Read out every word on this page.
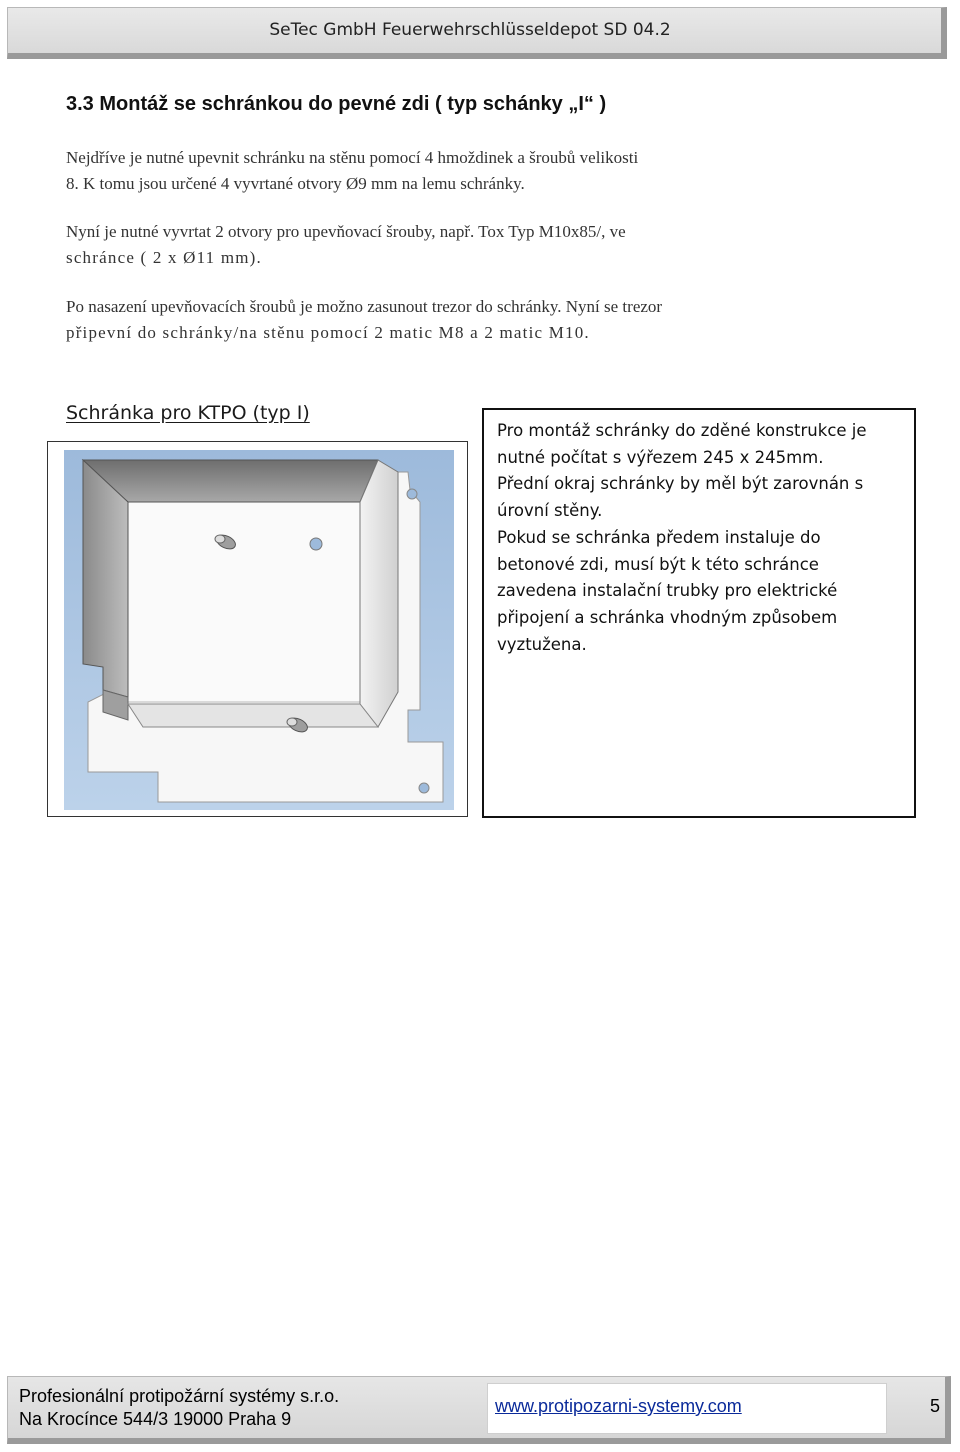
SeTec GmbH Feuerwehrschlüsseldepot SD 04.2
3.3 Montáž se schránkou do pevné zdi ( typ schánky „I“ )
Nejdříve je nutné upevnit schránku na stěnu pomocí 4 hmoždinek a šroubů velikosti
8. K tomu jsou určené 4 vyvrtané otvory Ø9 mm na lemu schránky.
Nyní je nutné vyvrtat 2 otvory pro upevňovací šrouby, např. Tox Typ M10x85/, ve
schránce ( 2 x Ø11 mm).
Po nasazení upevňovacích šroubů je možno zasunout trezor do schránky. Nyní se trezor
připevní do schránky/na stěnu pomocí 2 matic M8 a 2 matic M10.
Schránka pro KTPO (typ I)

Pro montáž schránky do zděné konstrukce je nutné počítat s výřezem 245 x 245mm.

Přední okraj schránky by měl být zarovnán s úrovní stěny.

Pokud se schránka předem instaluje do betonové zdi, musí být k této schránce zavedena instalační trubky pro elektrické připojení a schránka vhodným způsobem vyztužena.

Profesionální protipožární systémy s.r.o.
Na Krocínce 544/3 19000 Praha 9
www.protipozarni-systemy.com	5
